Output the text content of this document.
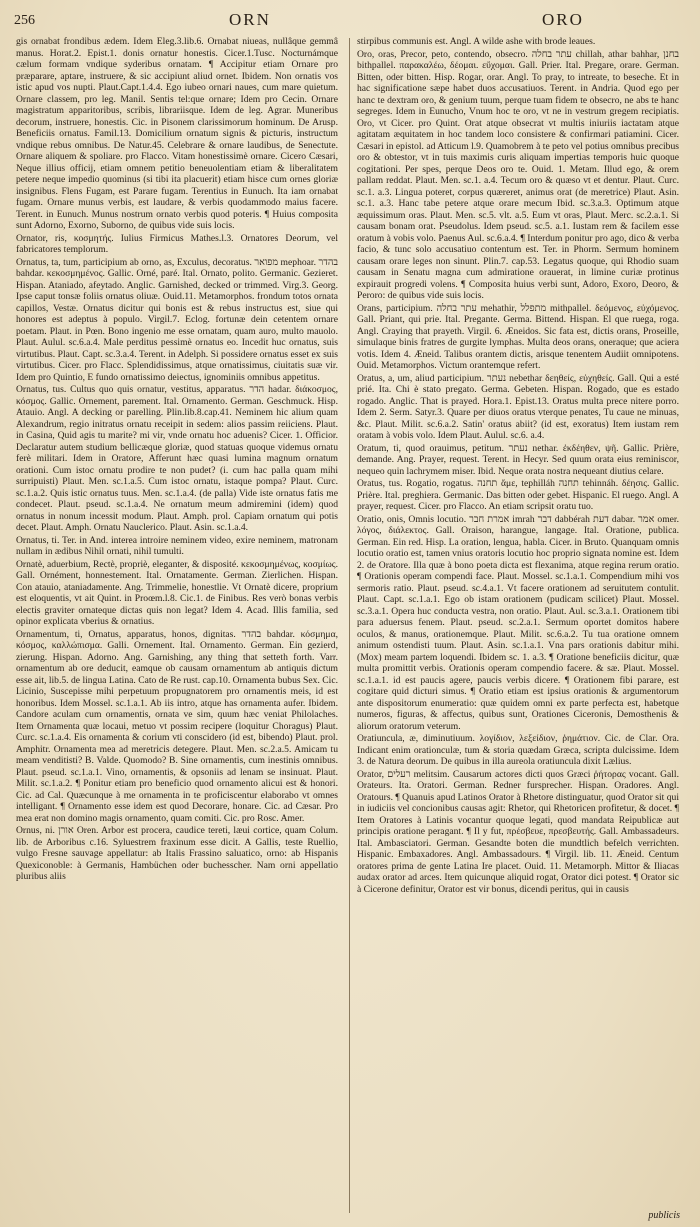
256	ORN	ORO
gis ornabat frondibus ædem. Idem Eleg.3.lib.6. Ornabat niueas, nullâque gemmâ manus. Horat.2. Epist.1. donis ornatur honestis. Cicer.1.Tusc. Nocturnámque cælum formam vndique syderibus ornatam. ¶ Accipitur etiam Ornare pro præparare, aptare, instruere, & sic accipiunt aliud ornet. Ibidem. Non ornatis vos istic apud vos nupti. Plaut.Capt.1.4.4. Ego iubeo ornari naues, cum mare quietum. Ornare classem, pro leg. Manil. Sentis tel:que ornare; Idem pro Cecin. Ornare magistratum apparitoribus, scribis, librariisque. Idem de leg. Agrar. Muneribus decorum, instruere, honestis. Cic. in Pisonem clarissimorum hominum. De Arusp. Beneficiis ornatus. Famil.13. Domicilium ornatum signis & picturis, instructum vndique rebus omnibus. De Natur.45. Celebrare & ornare laudibus, de Senectute. Ornare aliquem & spoliare. pro Flacco. Vitam honestissimè ornare. Cicero Cæsari, Neque illius officij, etiam omnem petitio beneuolentiam etiam & liberalitatem petere neque impedio quominus (si tibi ita placuerit) etiam hisce cum ornes gloriæ insignibus. Flens Fugam, est Parare fugam. Terentius in Eunuch. Ita iam ornabat fugam. Ornare munus verbis, est laudare, & verbis quodammodo maius facere. Terent. in Eunuch. Munus nostrum ornato verbis quod poteris. ¶ Huius composita sunt Adorno, Exorno, Suborno, de quibus vide suis locis.
Ornator, ris, κοσμητής. Iulius Firmicus Mathes.l.3. Ornatores Deorum, vel fabricatores templorum.
Ornatus, ta, tum, participium ab orno, as, Exculus, decoratus. מפואר mephoar. בהדר bahdar. κεκοσμημένος. Gallic. Orné, paré. Ital. Ornato, polito. Germanic. Gezieret. Hispan. Ataniado, afeytado. Anglic. Garnished, decked or trimmed. Virg.3. Georg. Ipse caput tonsæ foliis ornatus oliuæ. Ouid.11. Metamorphos. frondum totos ornata capillos, Vestæ. Ornatus dicitur qui bonis est & rebus instructus est, siue qui honores est adeptus à populo. Virgil.7. Eclog. fortunæ dein cetentem ornare poetam. Plaut. in Pœn. Bono ingenio me esse ornatam, quam auro, multo mauolo. Plaut. Aulul. sc.6.a.4. Male perditus pessimè ornatus eo. Incedit huc ornatus, suis virtutibus. Plaut. Capt. sc.3.a.4. Terent. in Adelph. Si possidere ornatus esset ex suis virtutibus. Cicer. pro Flacc. Splendidissimus, atque ornatissimus, ciuitatis suæ vir. Idem pro Quintio, E fundo ornatissimo deiectus, ignominiis omnibus appetitus.
Ornatus, tus. Cultus quo quis ornatur, vestitus, apparatus. הדר hadar. διάκοσμος, κόσμος. Gallic. Ornement, parement. Ital. Ornamento. German. Geschmuck. Hisp. Atauio. Angl. A decking or parelling. Plin.lib.8.cap.41. Neminem hic alium quam Alexandrum, regio initratus ornatu receipit in sedem: alios passim reiiciens. Plaut. in Casina, Quid agis tu marite? mi vir, vnde ornatu hoc aduenis? Cicer. 1. Officior. Declaratur autem studium bellicæque gloriæ, quod statuas quoque videmus ornatu ferè militari. Idem in Oratore, Afferunt hæc quasi lumina magnum ornatum orationi. Cum istoc ornatu prodire te non pudet? (i. cum hac palla quam mihi surripuisti) Plaut. Men. sc.1.a.5. Cum istoc ornatu, istaque pompa? Plaut. Curc. sc.1.a.2. Quis istic ornatus tuus. Men. sc.1.a.4. (de palla) Vide iste ornatus fatis me condecet. Plaut. pseud. sc.1.a.4. Ne ornatum meum admiremini (idem) quod ornatus in nonum incessit modum. Plaut. Amph. prol. Capiam ornatum qui potis decet. Plaut. Amph. Ornatu Nauclerico. Plaut. Asin. sc.1.a.4.
Ornatus, ti. Ter. in And. interea introire neminem video, exire neminem, matronam nullam in ædibus Nihil ornati, nihil tumulti.
Ornatè, aduerbium, Rectè, propriè, eleganter, & disposité. κεκοσμημένως, κοσμίως. Gall. Ornément, honnestement. Ital. Ornatamente. German. Zierlichen. Hispan. Con atauio, ataniadamente. Ang. Trimmelie, honestlie. Vt Ornatè dicere, proprium est eloquentis, vt ait Quint. in Proœm.l.8. Cic.1. de Finibus. Res verò bonas verbis electis graviter ornateque dictas quis non legat? Idem 4. Acad. Illis familia, sed opinor explicata vberius & ornatius.
Ornamentum, ti, Ornatus, apparatus, honos, dignitas. בהדר bahdar. κόσμημα, κόσμος, καλλώπισμα. Galli. Ornement. Ital. Ornamento. German. Ein gezierd, zierung. Hispan. Adorno. Ang. Garnishing, any thing that setteth forth. Varr. ornamentum ab ore deducit, eamque ob causam ornamentum ab antiquis dictum esse ait, lib.5. de lingua Latina. Cato de Re rust. cap.10. Ornamenta bubus Sex. Cic. Licinio, Suscepisse mihi perpetuum propugnatorem pro ornamentis meis, id est honoribus. Idem Mossel. sc.1.a.1. Ab iis intro, atque has ornamenta aufer. Ibidem. Candore aculam cum ornamentis, ornata ve sim, quum hæc veniat Philolaches. Item Ornamenta quæ locaui, metuo vt possim recipere (loquitur Choragus) Plaut. Curc. sc.1.a.4. Eis ornamenta & corium vti conscidero (id est, bibendo) Plaut. prol. Amphitr. Ornamenta mea ad meretricis detegere. Plaut. Men. sc.2.a.5. Amicam tu meam venditisti? B. Valde. Quomodo? B. Sine ornamentis, cum inestinis omnibus. Plaut. pseud. sc.1.a.1. Vino, ornamentis, & opsoniis ad lenam se insinuat. Plaut. Milit. sc.1.a.2. ¶ Ponitur etiam pro beneficio quod ornamento alicui est & honori. Cic. ad Cal. Quæcunque à me ornamenta in te proficiscentur elaborabo vt omnes intelligant. ¶ Ornamento esse idem est quod Decorare, honare. Cic. ad Cæsar. Pro mea erat non domino magis ornamento, quam comiti. Cic. pro Rosc. Amer.
Ornus, ni. אורן Oren. Arbor est procera, caudice tereti, læui cortice, quam Colum. lib. de Arboribus c.16. Syluestrem fraxinum esse dicit. A Gallis, teste Ruellio, vulgo Fresne sauvage appellatur: ab Italis Frassino saluatico, orno: ab Hispanis Quexiconoble: à Germanis, Hambüchen oder buchesscher. Nam orni appellatio pluribus aliis
stirpibus communis est. Angl. A wilde ashe with brode leaues.
Oro, oras, Precor, peto, contendo, obsecro. עתר בחלה chillah, athar bahhar, בחנן bithpallel. παρακαλέω, δέομαι. εὔχομαι. Gall. Prier. Ital. Pregare, orare. German. Bitten, oder bitten. Hisp. Rogar, orar. Angl. To pray, to intreate, to beseche. Et in hac significatione sæpe habet duos accusatiuos. Terent. in Andria. Quod ego per hanc te dextram oro, & genium tuum, perque tuam fidem te obsecro, ne abs te hanc segreges. Idem in Eunucho, Vnum hoc te oro, vt ne in vestrum gregem recipiatis. Oro, vt Cicer. pro Quint. Orat atque obsecrat vt multis iniuriis iactatam atque agitatam æquitatem in hoc tandem loco consistere & confirmari patiamini. Cicer. Cæsari in epistol. ad Atticum l.9. Quamobrem à te peto vel potius omnibus precibus oro & obtestor, vt in tuis maximis curis aliquam impertias temporis huic quoque cogitationi. Per spes, perque Deos oro te. Ouid. 1. Metam. Illud ego, & orem pallam reddat. Plaut. Men. sc.1. a.4. Tecum oro & quæso vt et dentur. Plaut. Curc. sc.1. a.3. Lingua poteret, corpus quæreret, animus orat (de meretrice) Plaut. Asin. sc.1. a.3. Hanc tabe petere atque orare mecum Ibid. sc.3.a.3. Optimum atque æquissimum oras. Plaut. Men. sc.5. vlt. a.5. Eum vt oras, Plaut. Merc. sc.2.a.1. Si causam bonam orat. Pseudolus. Idem pseud. sc.5. a.1. Iustam rem & facilem esse oratum à vobis volo. Paenus Aul. sc.6.a.4. ¶ Interdum ponitur pro ago, dico & verba facio, & tunc solo accusatiuo contentum est. Ter. in Phorm. Sermum hominem causam orare leges non sinunt. Plin.7. cap.53. Legatus quoque, qui Rhodio suam causam in Senatu magna cum admiratione orauerat, in limine curiæ protinus expirauit progredi volens. ¶ Composita huius verbi sunt, Adoro, Exoro, Deoro, & Peroro: de quibus vide suis locis.
Orans, participium. עתר בחלה mehathir, מתפלל mithpallel. δεόμενος, εὐχόμενος. Gall. Priant, qui prie. Ital. Pregante. Germa. Bittend. Hispan. El que ruega, roga. Angl. Craying that prayeth. Virgil. 6. Æneidos. Sic fata est, dictis orans, Proseille, simulaque binis fratres de gurgite lymphas. Multa deos orans, oneraque; que aciera votis. Idem 4. Æneid. Talibus orantem dictis, arisque tenentem Audiit omnipotens. Ouid. Metamorphos. Victum orantemque refert.
Oratus, a, um, aliud participium. נעתר nebethar δεηθείς, εὐχηθείς. Gall. Qui a esté prié. Ita. Chi è stato pregato. Germa. Gebeten. Hispan. Rogado, que es estado rogado. Anglic. That is prayed. Hora.1. Epist.13. Oratus multa prece nitere porro. Idem 2. Serm. Satyr.3. Quare per diuos oratus vterque penates, Tu caue ne minuas, &c. Plaut. Milit. sc.6.a.2. Satin' oratus abiit? (id est, exoratus) Item iustam rem oratam à vobis volo. Idem Plaut. Aulul. sc.6. a.4.
Oratum, ti, quod orauimus, petitum. נעתר nethar. ἐκδέηθεν, ψῆ. Gallic. Prière, demande. Ang. Prayer, request. Terent. in Hecyr. Sed quum orata eius reminiscor, nequeo quin lachrymem miser. Ibid. Neque orata nostra nequeant diutius celare.
Oratus, tus. Rogatio, rogatus. תחנה ἄμε, tephilláh תחנה tehinnáh. δέησις. Gallic. Prière. Ital. preghiera. Germanic. Das bitten oder gebet. Hispanic. El ruego. Angl. A prayer, request. Cicer. pro Flacco. An etiam scripsit oratu tuo.
Oratio, onis, Omnis locutio. אמרת חבר imrah דבר dabbérah דעת dabar. אמר omer. λόγος, διάλεκτος. Gall. Oraison, harangue, langage. Ital. Oratione, publica. German. Ein red. Hisp. La oration, lengua, habla. Cicer. in Bruto. Quanquam omnis locutio oratio est, tamen vnius oratoris locutio hoc proprio signata nomine est. Idem 2. de Oratore. Illa quæ à bono poeta dicta est flexanima, atque regina rerum oratio. ¶ Orationis operam compendi face. Plaut. Mossel. sc.1.a.1. Compendium mihi vos sermoris ratio. Plaut. pseud. sc.4.a.1. Vt facere orationem ad seruitutem contulit. Plaut. Capt. sc.1.a.1. Ego ob istam orationem (pudicam scilicet) Plaut. Mossel. sc.3.a.1. Opera huc conducta vestra, non oratio. Plaut. Aul. sc.3.a.1. Orationem tibi para aduersus fenem. Plaut. pseud. sc.2.a.1. Sermum oportet domitos habere oculos, & manus, orationemque. Plaut. Milit. sc.6.a.2. Tu tua oratione omnem animum ostendisti tuum. Plaut. Asin. sc.1.a.1. Vna pars orationis dabitur mihi. (Mox) meam partem loquendi. Ibidem sc. 1. a.3. ¶ Oratione beneficiis dicitur, quæ multa promittit verbis. Orationis operam compendio facere. & sæ. Plaut. Mossel. sc.1.a.1. id est paucis agere, paucis verbis dicere. ¶ Orationem fibi parare, est cogitare quid dicturi simus. ¶ Oratio etiam est ipsius orationis & argumentorum ante dispositorum enumeratio: quæ quidem omni ex parte perfecta est, habetque numeros, figuras, & affectus, quibus sunt, Orationes Ciceronis, Demosthenis & aliorum oratorum veterum.
Oratiuncula, æ, diminutiuum. λογίδιον, λεξείδιον, ῥημάτιον. Cic. de Clar. Ora. Indicant enim orationculæ, tum & storia quædam Græca, scripta dulcissime. Idem 3. de Natura deorum. De quibus in illa aureola oratiuncula dixit Lælius.
Orator, רעלים melitsim. Causarum actores dicti quos Græci ῥήτορας vocant. Gall. Orateurs. Ita. Oratori. German. Redner fursprecher. Hispan. Oradores. Angl. Oratours. ¶ Quanuis apud Latinos Orator à Rhetore distinguatur, quod Orator sit qui in iudiciis vel concionibus causas agit: Rhetor, qui Rhetoricen profitetur, & docet. ¶ Item Oratores à Latinis vocantur quoque legati, quod mandata Reipublicæ aut principis oratione peragant. ¶ Il y fut, πρέσβευε, πρεσβευτής. Gall. Ambassadeurs. Ital. Ambasciatori. German. Gesandte boten die mundtlich befelch verrichten. Hispanic. Embaxadores. Angl. Ambassadours. ¶ Virgil. lib. 11. Æneid. Centum oratores prima de gente Latina Ire placet. Ouid. 11. Metamorph. Mittor & Iliacas audax orator ad arces. Item quicunque aliquid rogat, Orator dici potest. ¶ Orator sic à Cicerone definitur, Orator est vir bonus, dicendi peritus, qui in causis
publicis
